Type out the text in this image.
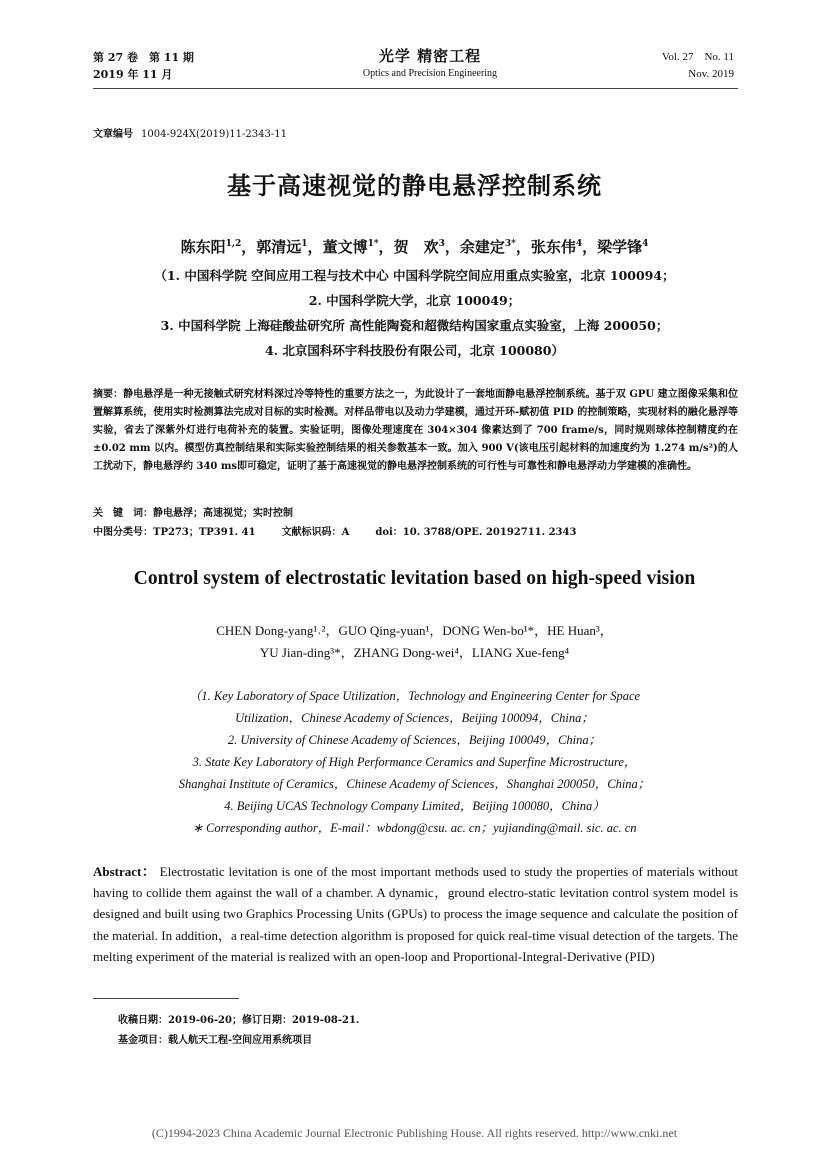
第 27 卷　第 11 期
2019 年 11 月
光学 精密工程
Optics and Precision Engineering
Vol. 27　No. 11
Nov. 2019
文章编号 1004-924X(2019)11-2343-11
基于高速视觉的静电悬浮控制系统
陈东阳$^{1,2}$，郭清远$^1$，董文博$^{1*}$，贺　欢$^3$，余建定$^{3*}$，张东伟$^4$，梁学锋$^4$
（1. 中国科学院 空间应用工程与技术中心 中国科学院空间应用重点实验室，北京 100094；
2. 中国科学院大学，北京 100049；
3. 中国科学院 上海硅酸盐研究所 高性能陶瓷和超微结构国家重点实验室，上海 200050；
4. 北京国科环宇科技股份有限公司，北京 100080）
摘要：静电悬浮是一种无接触式研究材料深过冷等特性的重要方法之一，为此设计了一套地面静电悬浮控制系统。基于双 GPU 建立图像采集和位置解算系统，使用实时检测算法完成对目标的实时检测。对样品带电以及动力学建模，通过开环-赋初值 PID 的控制策略，实现材料的融化悬浮等实验，省去了深紫外灯进行电荷补充的装置。实验证明，图像处理速度在 304×304 像素达到了 700 frame/s，同时规则球体控制精度约在±0.02 mm 以内。模型仿真控制结果和实际实验控制结果的相关参数基本一致。加入 900 V(该电压引起材料的加速度约为 1.274 m/s²)的人工扰动下，静电悬浮约 340 ms即可稳定，证明了基于高速视觉的静电悬浮控制系统的可行性与可靠性和静电悬浮动力学建模的准确性。
关　键　词：静电悬浮；高速视觉；实时控制
中图分类号：TP273；TP391. 41	文献标识码：A	doi：10. 3788/OPE. 20192711. 2343
Control system of electrostatic levitation based on high-speed vision
CHEN Dong-yang¹˒²，GUO Qing-yuan¹，DONG Wen-bo¹*，HE Huan³，
YU Jian-ding³*，ZHANG Dong-wei⁴，LIANG Xue-feng⁴
（1. Key Laboratory of Space Utilization，Technology and Engineering Center for Space
Utilization，Chinese Academy of Sciences，Beijing 100094，China；
2. University of Chinese Academy of Sciences，Beijing 100049，China；
3. State Key Laboratory of High Performance Ceramics and Superfine Microstructure，
Shanghai Institute of Ceramics，Chinese Academy of Sciences，Shanghai 200050，China；
4. Beijing UCAS Technology Company Limited，Beijing 100080，China）
∗ Corresponding author，E-mail：wbdong@csu. ac. cn；yujianding@mail. sic. ac. cn
Abstract： Electrostatic levitation is one of the most important methods used to study the properties of materials without having to collide them against the wall of a chamber. A dynamic，ground electro-static levitation control system model is designed and built using two Graphics Processing Units (GPUs) to process the image sequence and calculate the position of the material. In addition，a real-time detection algorithm is proposed for quick real-time visual detection of the targets. The melting experiment of the material is realized with an open-loop and Proportional-Integral-Derivative (PID)
收稿日期：2019-06-20；修订日期：2019-08-21.
基金项目：载人航天工程-空间应用系统项目
(C)1994-2023 China Academic Journal Electronic Publishing House. All rights reserved. http://www.cnki.net
